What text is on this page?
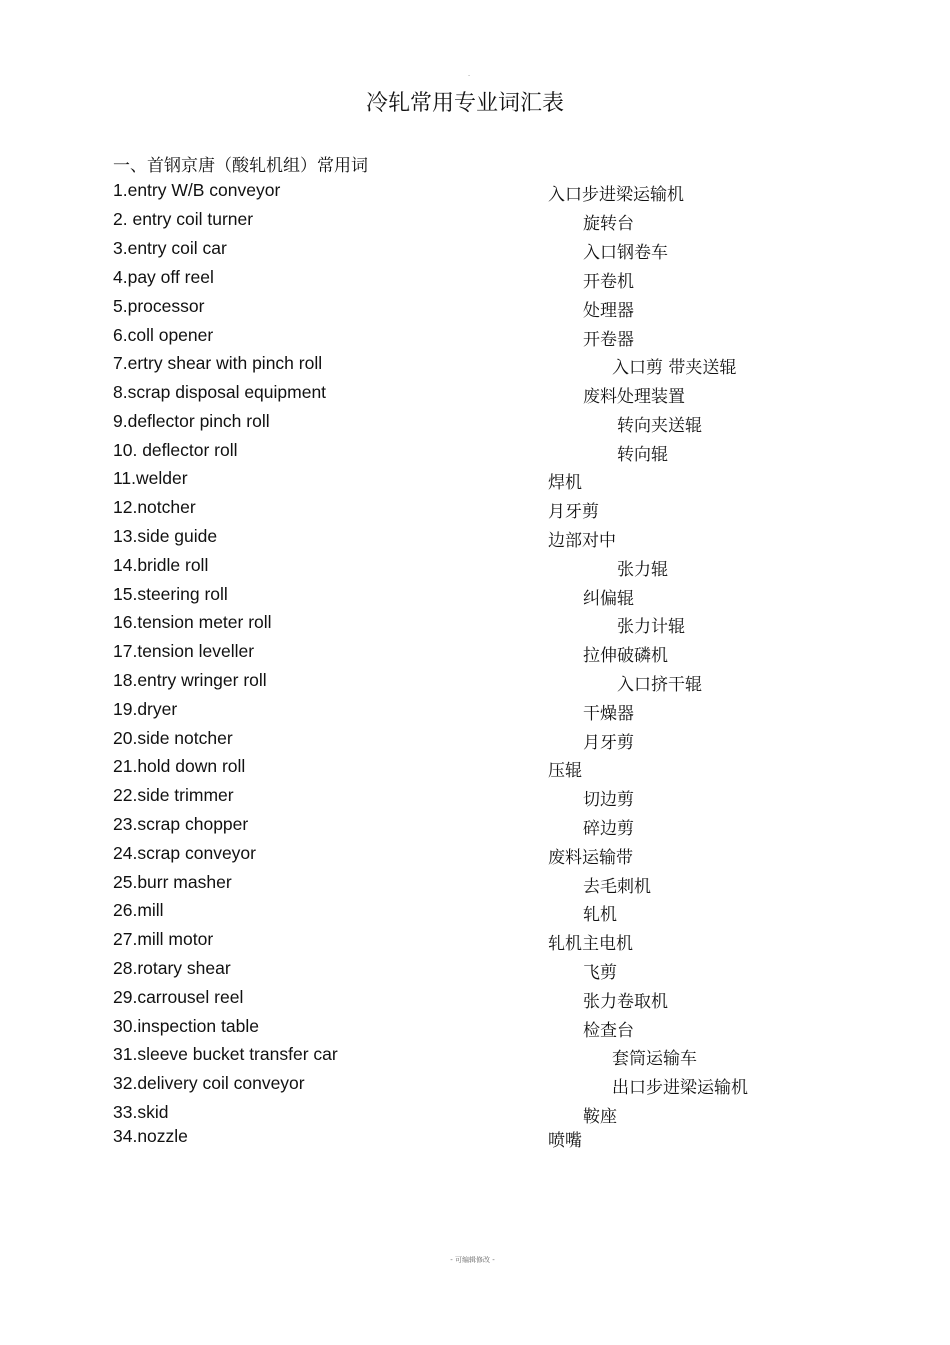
-
冷轧常用专业词汇表
一、首钢京唐（酸轧机组）常用词
1.entry W/B conveyor	入口步进梁运输机
2. entry coil turner	旋转台
3.entry coil car	入口钢卷车
4.pay off reel	开卷机
5.processor	处理器
6.coll opener	开卷器
7.ertry shear with pinch roll	入口剪 带夹送辊
8.scrap disposal equipment	废料处理装置
9.deflector pinch roll	转向夹送辊
10. deflector roll	转向辊
11.welder	焊机
12.notcher	月牙剪
13.side guide	边部对中
14.bridle roll	张力辊
15.steering roll	纠偏辊
16.tension meter roll	张力计辊
17.tension leveller	拉伸破磷机
18.entry wringer roll	入口挤干辊
19.dryer	干燥器
20.side notcher	月牙剪
21.hold down roll	压辊
22.side trimmer	切边剪
23.scrap chopper	碎边剪
24.scrap conveyor	废料运输带
25.burr masher	去毛刺机
26.mill	轧机
27.mill motor	轧机主电机
28.rotary shear	飞剪
29.carrousel reel	张力卷取机
30.inspection table	检查台
31.sleeve bucket transfer car	套筒运输车
32.delivery coil conveyor	出口步进梁运输机
33.skid	鞍座
34.nozzle	喷嘴
- 可编辑修改 -
